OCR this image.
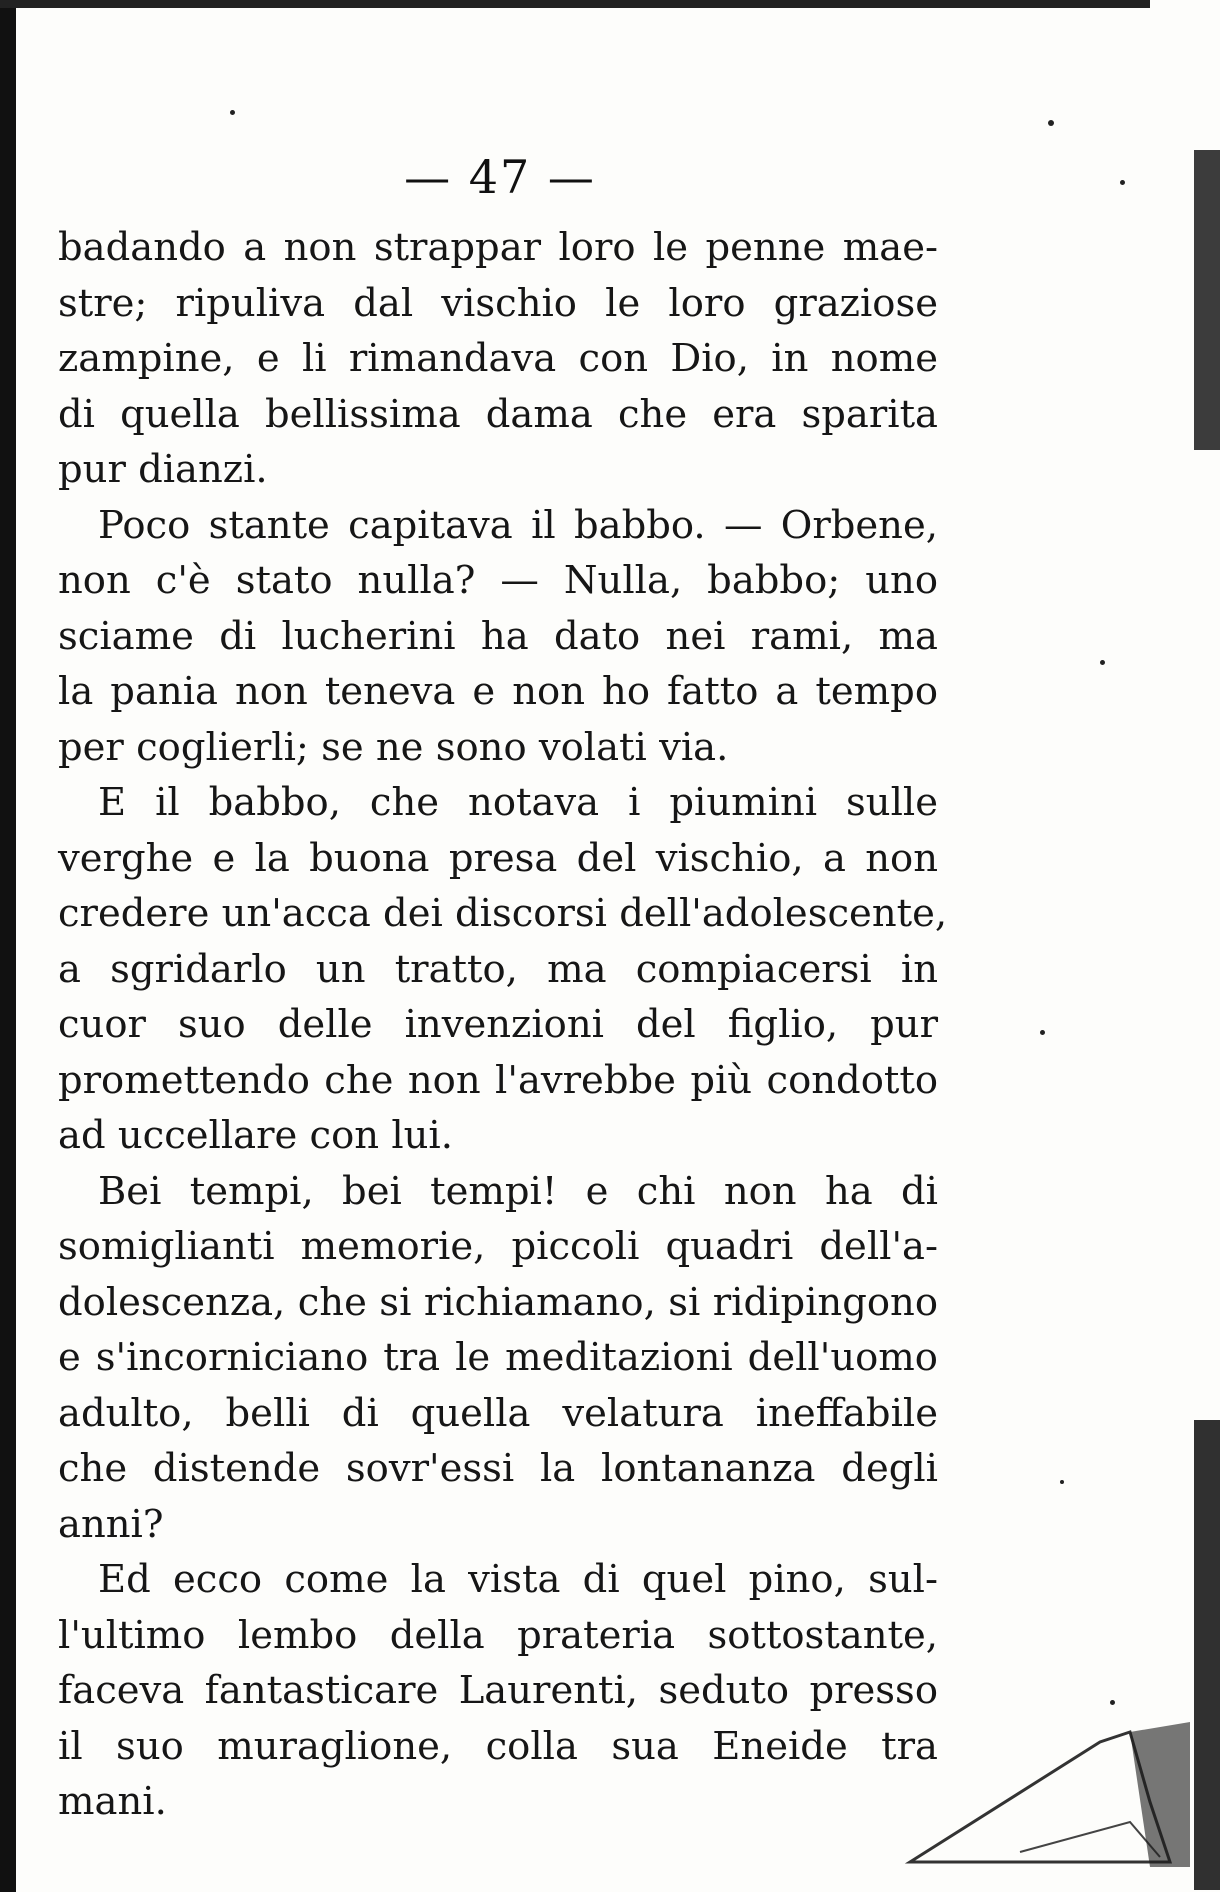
— 47 —
badando a non strappar loro le penne mae-
stre; ripuliva dal vischio le loro graziose
zampine, e li rimandava con Dio, in nome
di quella bellissima dama che era sparita
pur dianzi.
Poco stante capitava il babbo. — Orbene,
non c'è stato nulla? — Nulla, babbo; uno
sciame di lucherini ha dato nei rami, ma
la pania non teneva e non ho fatto a tempo
per coglierli; se ne sono volati via.
E il babbo, che notava i piumini sulle
verghe e la buona presa del vischio, a non
credere un'acca dei discorsi dell'adolescente,
a sgridarlo un tratto, ma compiacersi in
cuor suo delle invenzioni del figlio, pur
promettendo che non l'avrebbe più condotto
ad uccellare con lui.
Bei tempi, bei tempi! e chi non ha di
somiglianti memorie, piccoli quadri dell'a-
dolescenza, che si richiamano, si ridipingono
e s'incorniciano tra le meditazioni dell'uomo
adulto, belli di quella velatura ineffabile
che distende sovr'essi la lontananza degli
anni?
Ed ecco come la vista di quel pino, sul-
l'ultimo lembo della prateria sottostante,
faceva fantasticare Laurenti, seduto presso
il suo muraglione, colla sua Eneide tra
mani.
